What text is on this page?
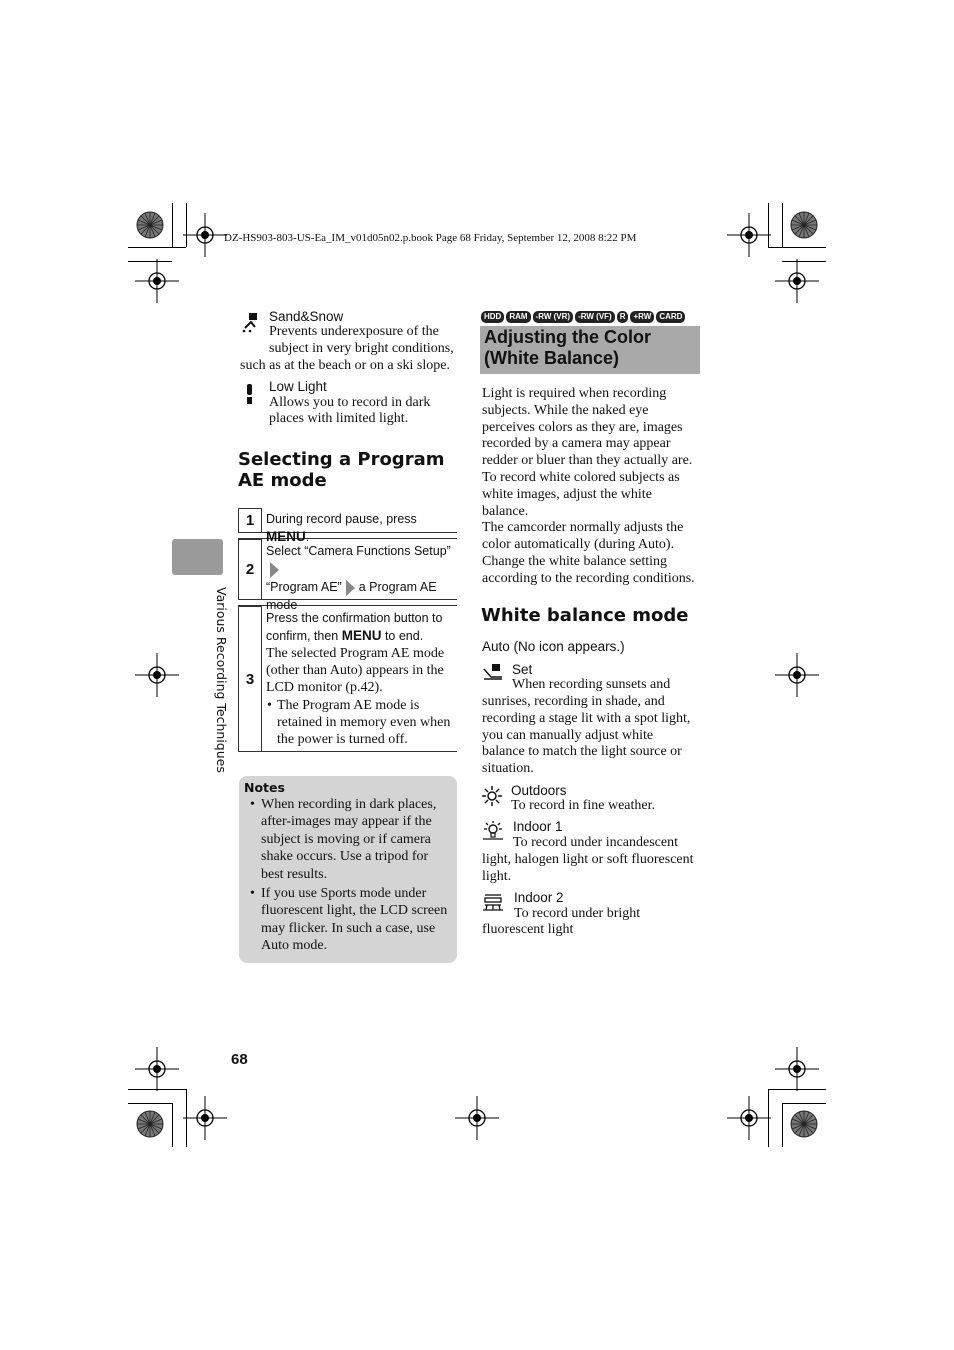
DZ-HS903-803-US-Ea_IM_v01d05n02.p.book Page 68 Friday, September 12, 2008 8:22 PM
Sand&Snow
Prevents underexposure of the
subject in very bright conditions,
such as at the beach or on a ski slope.
Low Light
Allows you to record in dark
places with limited light.
Selecting a Program AE mode
1 During record pause, press MENU.
2
Select “Camera Functions Setup”
“Program AE” a Program AE
mode
3
Press the confirmation button to
confirm, then MENU to end.
The selected Program AE mode
(other than Auto) appears in the
LCD monitor (p.42).
• The Program AE mode is
retained in memory even when
the power is turned off.
Notes
• When recording in dark places, after-images may appear if the subject is moving or if camera shake occurs. Use a tripod for best results.
• If you use Sports mode under fluorescent light, the LCD screen may flicker. In such a case, use Auto mode.
Various Recording Techniques
68
HDD	RAM	-RW (VR)	-RW (VF)	R	+RW	CARD
Adjusting the Color
(White Balance)
Light is required when recording
subjects. While the naked eye
perceives colors as they are, images
recorded by a camera may appear
redder or bluer than they actually are.
To record white colored subjects as
white images, adjust the white
balance.
The camcorder normally adjusts the
color automatically (during Auto).
Change the white balance setting
according to the recording conditions.
White balance mode
Auto (No icon appears.)
Set
When recording sunsets and
sunrises, recording in shade, and
recording a stage lit with a spot light,
you can manually adjust white
balance to match the light source or
situation.
Outdoors
To record in fine weather.
Indoor 1
To record under incandescent
light, halogen light or soft fluorescent
light.
Indoor 2
To record under bright
fluorescent light
